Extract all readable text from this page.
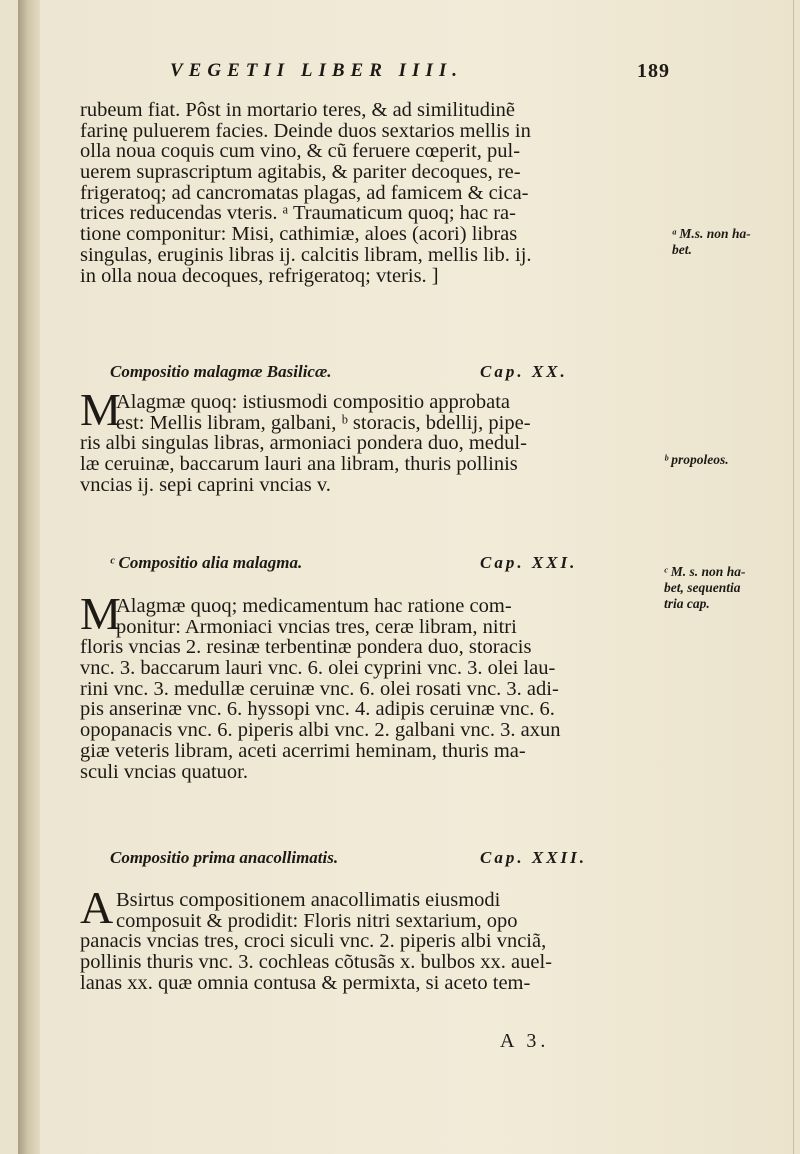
VEGETII LIBER IIII.	189
rubeum fiat. Pôst in mortario teres, & ad similitudinẽ
farinę puluerem facies. Deinde duos sextarios mellis in
olla noua coquis cum vino, & cũ feruere cœperit, pul-
uerem suprascriptum agitabis, & pariter decoques, re-
frigeratoq; ad cancromatas plagas, ad famicem & cica-
trices reducendas vteris. ᵃ Traumaticum quoq; hac ra-
tione componitur: Misi, cathimiæ, aloes (acori) libras
singulas, eruginis libras ij. calcitis libram, mellis lib. ij.
in olla noua decoques, refrigeratoq; vteris. ]
Compositio malagmæ Basilicæ.	Cap. XX.
M
Alagmæ quoq: istiusmodi compositio approbata
est: Mellis libram, galbani, ᵇ storacis, bdellij, pipe-
ris albi singulas libras, armoniaci pondera duo, medul-
læ ceruinæ, baccarum lauri ana libram, thuris pollinis
vncias ij. sepi caprini vncias v.
ᶜ Compositio alia malagma.	Cap. XXI.
M
Alagmæ quoq; medicamentum hac ratione com-
ponitur: Armoniaci vncias tres, ceræ libram, nitri
floris vncias 2. resinæ terbentinæ pondera duo, storacis
vnc. 3. baccarum lauri vnc. 6. olei cyprini vnc. 3. olei lau-
rini vnc. 3. medullæ ceruinæ vnc. 6. olei rosati vnc. 3. adi-
pis anserinæ vnc. 6. hyssopi vnc. 4. adipis ceruinæ vnc. 6.
opopanacis vnc. 6. piperis albi vnc. 2. galbani vnc. 3. axun
giæ veteris libram, aceti acerrimi heminam, thuris ma-
sculi vncias quatuor.
Compositio prima anacollimatis.	Cap. XXII.
A Bsirtus compositionem anacollimatis eiusmodi
composuit & prodidit: Floris nitri sextarium, opo
panacis vncias tres, croci siculi vnc. 2. piperis albi vnciã,
pollinis thuris vnc. 3. cochleas cõtusãs x. bulbos xx. auel-
lanas xx. quæ omnia contusa & permixta, si aceto tem-
ᵃ M.s. non ha-
bet.
ᵇ propoleos.
ᶜ M. s. non ha-
bet, sequentia
tria cap.
A 3.
